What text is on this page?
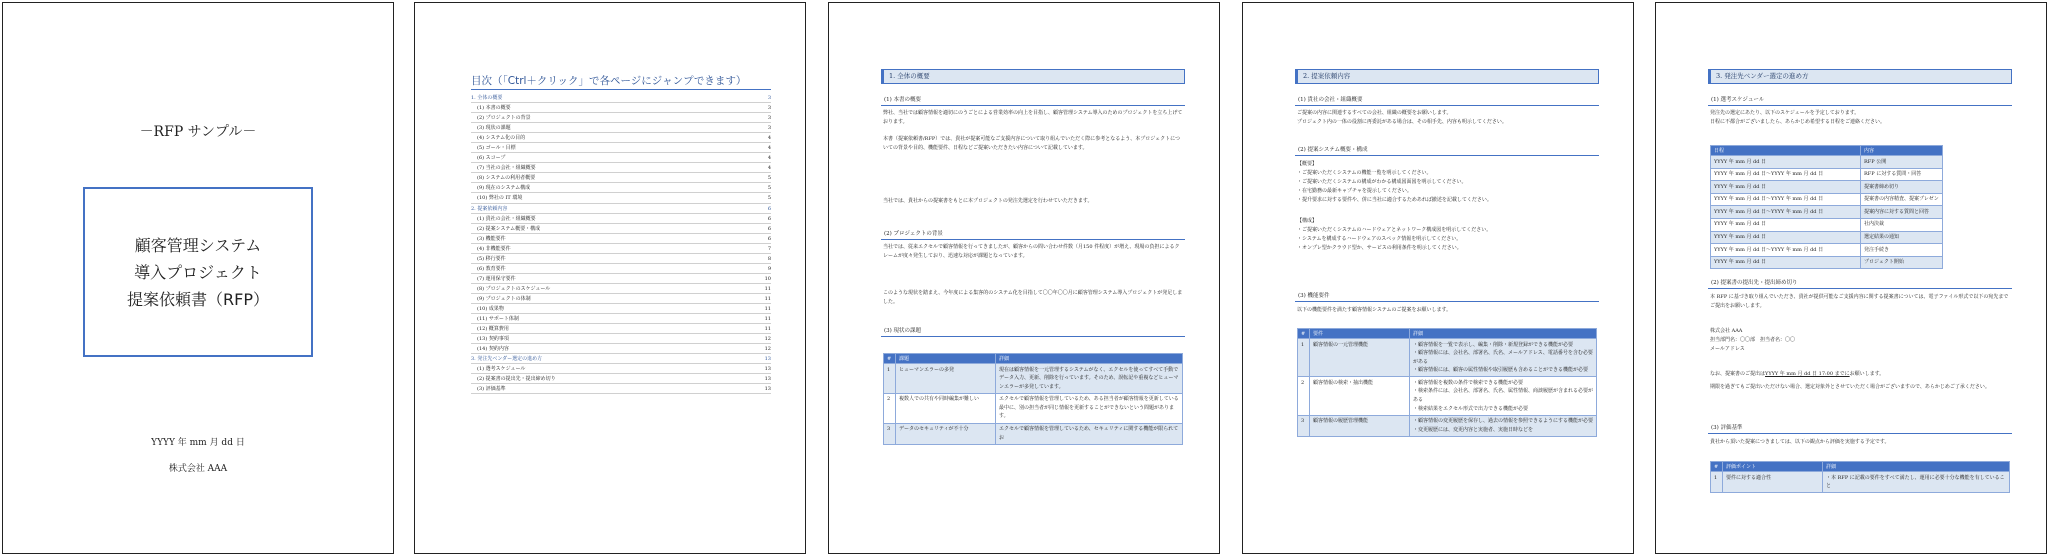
－RFP サンプル－
顧客管理システム
導入プロジェクト
提案依頼書（RFP）
YYYY 年 mm 月 dd 日
株式会社 AAA
目次（「Ctrl＋クリック」で各ページにジャンプできます）
1. 全体の概要	3
(1) 本書の概要	3
(2) プロジェクトの背景	3
(3) 現状の課題	3
(4) システム化の目的	4
(5) ゴール・目標	4
(6) スコープ	4
(7) 当社の会社・組織概要	4
(8) システムの利用者概要	5
(9) 現在のシステム構成	5
(10) 弊社の IT 環境	5
2. 提案依頼内容	6
(1) 貴社の会社・組織概要	6
(2) 提案システム概要・構成	6
(3) 機能要件	6
(4) 非機能要件	7
(5) 移行要件	8
(6) 教育要件	9
(7) 運用保守要件	10
(8) プロジェクトのスケジュール	11
(9) プロジェクトの体制	11
(10) 成果物	11
(11) サポート体制	11
(12) 概算費用	11
(13) 契約事項	12
(14) 契約内容	12
3. 発注先ベンダー選定の進め方	13
(1) 選考スケジュール	13
(2) 提案書の提出先・提出締め切り	13
(3) 評価基準	13
1. 全体の概要
(1) 本書の概要
弊社、当社では顧客情報を適切にのうごとによる営業効率の向上を目指し、顧客管理システム導入のためのプロジェクトを立ち上げております。
本書（提案依頼書/RFP）では、貴社が提案可能なご支援内容について取り組んでいただく際に参考となるよう、本プロジェクトについての背景や目的、機能要件、日程などご提案いただきたい内容について記載しています。
当社では、貴社からの提案書をもとに本プロジェクトの発注先選定を行わせていただきます。
(2) プロジェクトの背景
当社では、従来エクセルで顧客情報を行ってきましたが、顧客からの問い合わせ件数（月150 件程度）が増え、現場の負担によるクレームが度々発生しており、迅速な対応が課題となっています。
このような現状を踏まえ、今年度による集客的のシステム化を目指して〇〇年〇〇月に顧客管理システム導入プロジェクトが発足しました。
(3) 現状の課題
#	課題	詳細
1	ヒューマンエラーの多発	現在は顧客情報を一元管理するシステムがなく、エクセルを使ってすべて手動でデータ入力、更新、削除を行っています。そのため、誤転記や重複などヒューマンエラーが多発しています。
2	複数人での共有や同時編集が難しい	エクセルで顧客情報を管理しているため、ある担当者が顧客情報を更新している最中に、別の担当者が同じ情報を更新することができないという問題があります。
3	データのセキュリティが不十分	エクセルで顧客情報を管理しているため、セキュリティに関する機能が限られてお
2. 提案依頼内容
(1) 貴社の会社・組織概要
ご提案の内容に関連するすべての会社、組織の概要をお願いします。
プロジェクト内の一体の役割に再委託がある場合は、その相手先、内容も明示してください。
(2) 提案システム概要・構成
【概要】
・ご提案いただくシステムの機能一覧を明示してください。
・ご提案いただくシステムの構成がわかる構成図面図を明示してください。
・在宅勤務の最新キャプチャを提示してください。
・提升要求に対する要件や、併に当社に適合するためあれば撤述を記載してください。
【構成】
・ご提案いただくシステムのハードウェアとネットワーク構成図を明示してください。
・システムを構成するハードウェアのスペック情報を明示してください。
・オンプレ型かクラウド型か、サービスの利用条件を明示してください。
(3) 機能要件
以下の機能要件を満たす顧客情報システムのご提案をお願いします。
#	要件	詳細
1	顧客情報の一元管理機能	・顧客情報を一覧で表示し、編集・削除・新規登録ができる機能が必要
・顧客情報には、会社名、部署名、氏名、メールアドレス、電話番号を含む必要がある
・顧客情報には、顧客の属性情報や取引履歴も含めることができる機能が必要
2	顧客情報の検索・抽出機能	・顧客情報を複数の条件で検索できる機能が必要
・検索条件には、会社名、部署名、氏名、属性情報、商談履歴が含まれる必要がある
・検索結果をエクセル形式で出力できる機能が必要
3	顧客情報の履歴管理機能	・顧客情報の変更履歴を保存し、過去の情報を参照できるようにする機能が必要
・変更履歴には、変更内容と実施者、実施日時などを
3. 発注先ベンダー選定の進め方
(1) 選考スケジュール
発注先の選定にあたり、以下のスケジュールを予定しております。
日程に不都合がございましたら、あらかじめ希望する日程をご連絡ください。
日程	内容
YYYY 年 mm 月 dd 日	RFP 公開
YYYY 年 mm 月 dd 日～YYYY 年 mm 月 dd 日	RFP に対する質問・回答
YYYY 年 mm 月 dd 日	提案書締め切り
YYYY 年 mm 月 dd 日～YYYY 年 mm 月 dd 日	提案書の内容精査、提案プレゼン
YYYY 年 mm 月 dd 日～YYYY 年 mm 月 dd 日	提案内容に対する質問と回答
YYYY 年 mm 月 dd 日	社内決裁
YYYY 年 mm 月 dd 日	選定結果の通知
YYYY 年 mm 月 dd 日～YYYY 年 mm 月 dd 日	発注手続き
YYYY 年 mm 月 dd 日	プロジェクト開始
(2) 提案書の提出先・提出締め切り
本 RFP に基づき取り組んでいただき、貴社が提供可能なご支援内容に関する提案書については、電子ファイル形式で以下の宛先までご提出をお願いします。
株式会社 AAA
担当部門名：〇〇部　担当者名：〇〇
メールアドレス
なお、提案書のご提出はYYYY 年 mm 月 dd 日 17:00 までにお願いします。
期限を過ぎてもご提出いただけない場合、選定対象外とさせていただく場合がございますので、あらかじめご了承ください。
(3) 評価基準
貴社から頂いた提案につきましては、以下の観点から評価を実施する予定です。
#	評価ポイント	詳細
1	要件に対する適合性	・本 RFP に記載の要件をすべて満たし、運用に必要十分な機能を有していること
